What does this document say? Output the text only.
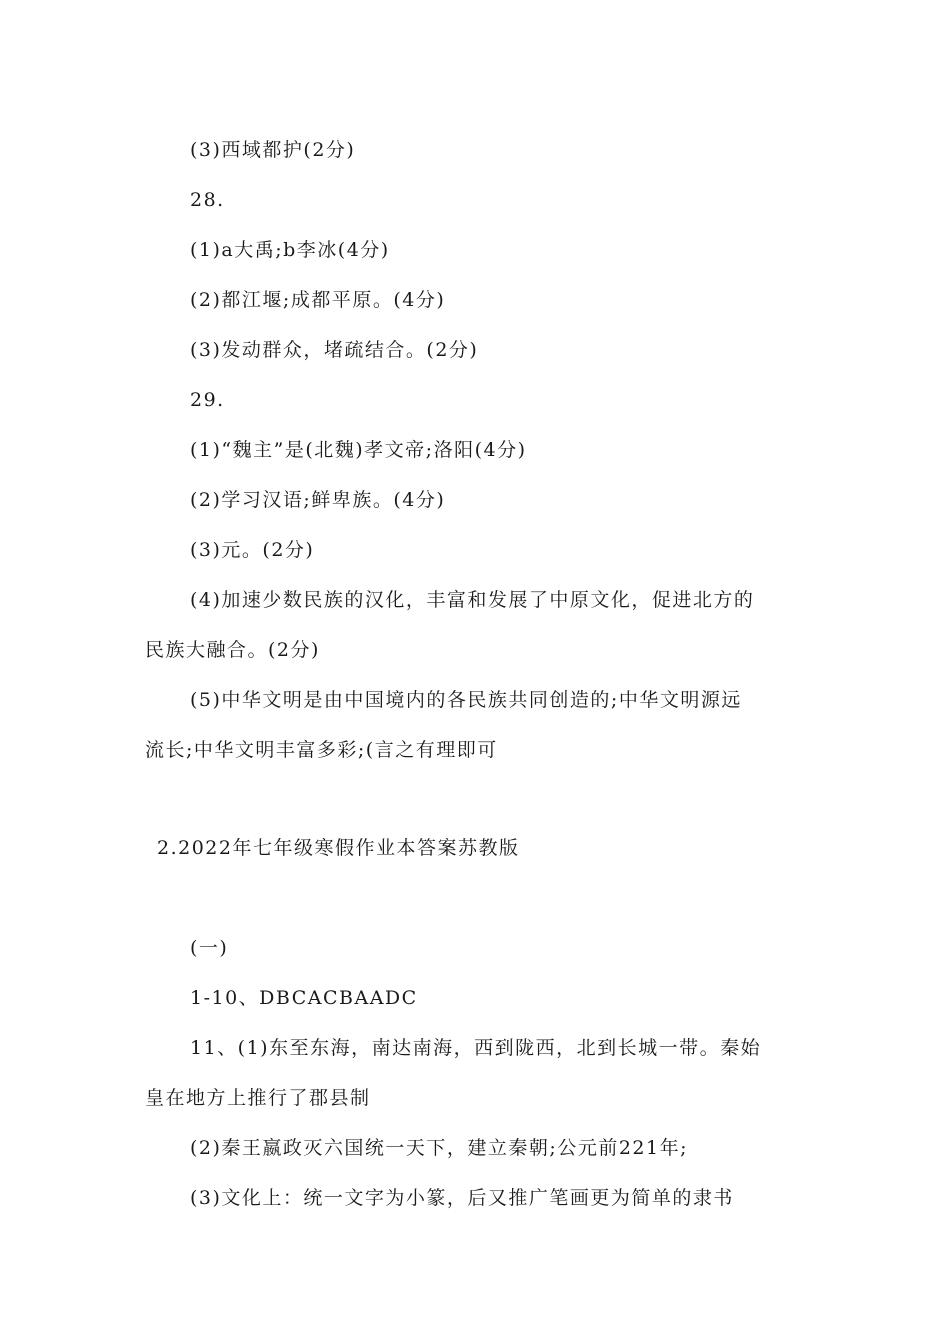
(3)西域都护(2分)
28.
(1)a大禹;b李冰(4分)
(2)都江堰;成都平原。(4分)
(3)发动群众，堵疏结合。(2分)
29.
(1)“魏主”是(北魏)孝文帝;洛阳(4分)
(2)学习汉语;鲜卑族。(4分)
(3)元。(2分)
(4)加速少数民族的汉化，丰富和发展了中原文化，促进北方的
民族大融合。(2分)
(5)中华文明是由中国境内的各民族共同创造的;中华文明源远
流长;中华文明丰富多彩;(言之有理即可
2.2022年七年级寒假作业本答案苏教版
(一)
1-10、DBCACBAADC
11、(1)东至东海，南达南海，西到陇西，北到长城一带。秦始
皇在地方上推行了郡县制
(2)秦王嬴政灭六国统一天下，建立秦朝;公元前221年;
(3)文化上：统一文字为小篆，后又推广笔画更为简单的隶书
